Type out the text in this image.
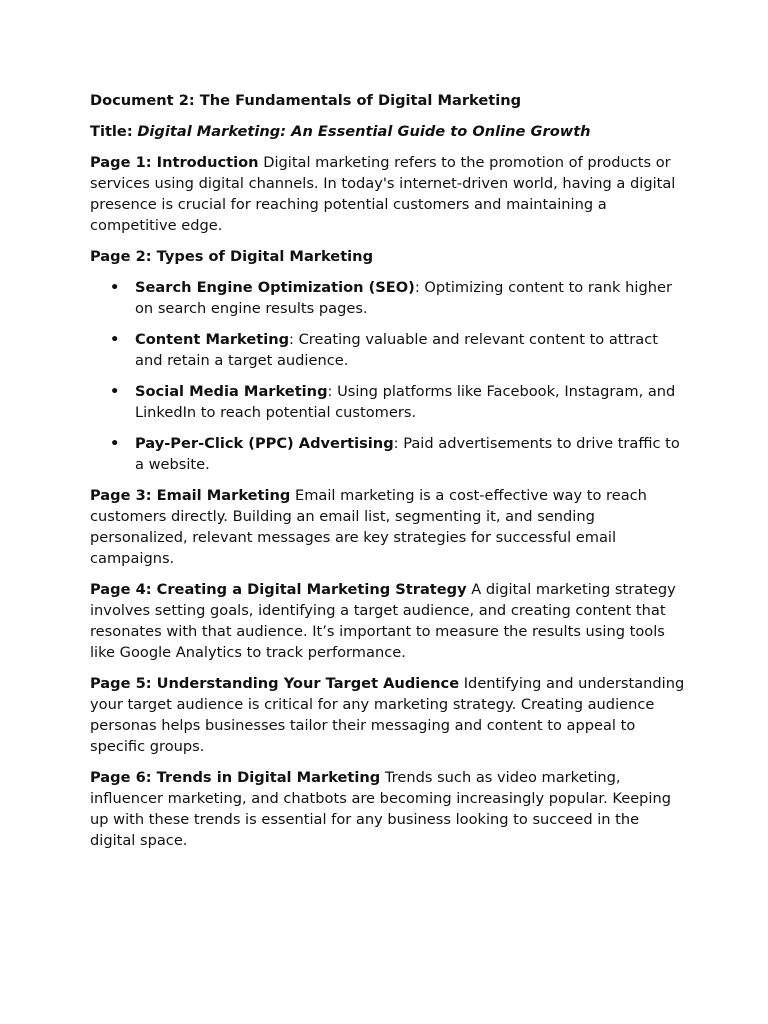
Document 2: The Fundamentals of Digital Marketing

Title: Digital Marketing: An Essential Guide to Online Growth

Page 1: Introduction Digital marketing refers to the promotion of products or services using digital channels. In today's internet-driven world, having a digital presence is crucial for reaching potential customers and maintaining a competitive edge.

Page 2: Types of Digital Marketing

• Search Engine Optimization (SEO): Optimizing content to rank higher on search engine results pages.
• Content Marketing: Creating valuable and relevant content to attract and retain a target audience.
• Social Media Marketing: Using platforms like Facebook, Instagram, and LinkedIn to reach potential customers.
• Pay-Per-Click (PPC) Advertising: Paid advertisements to drive traffic to a website.

Page 3: Email Marketing Email marketing is a cost-effective way to reach customers directly. Building an email list, segmenting it, and sending personalized, relevant messages are key strategies for successful email campaigns.

Page 4: Creating a Digital Marketing Strategy A digital marketing strategy involves setting goals, identifying a target audience, and creating content that resonates with that audience. It’s important to measure the results using tools like Google Analytics to track performance.

Page 5: Understanding Your Target Audience Identifying and understanding your target audience is critical for any marketing strategy. Creating audience personas helps businesses tailor their messaging and content to appeal to specific groups.

Page 6: Trends in Digital Marketing Trends such as video marketing, influencer marketing, and chatbots are becoming increasingly popular. Keeping up with these trends is essential for any business looking to succeed in the digital space.
